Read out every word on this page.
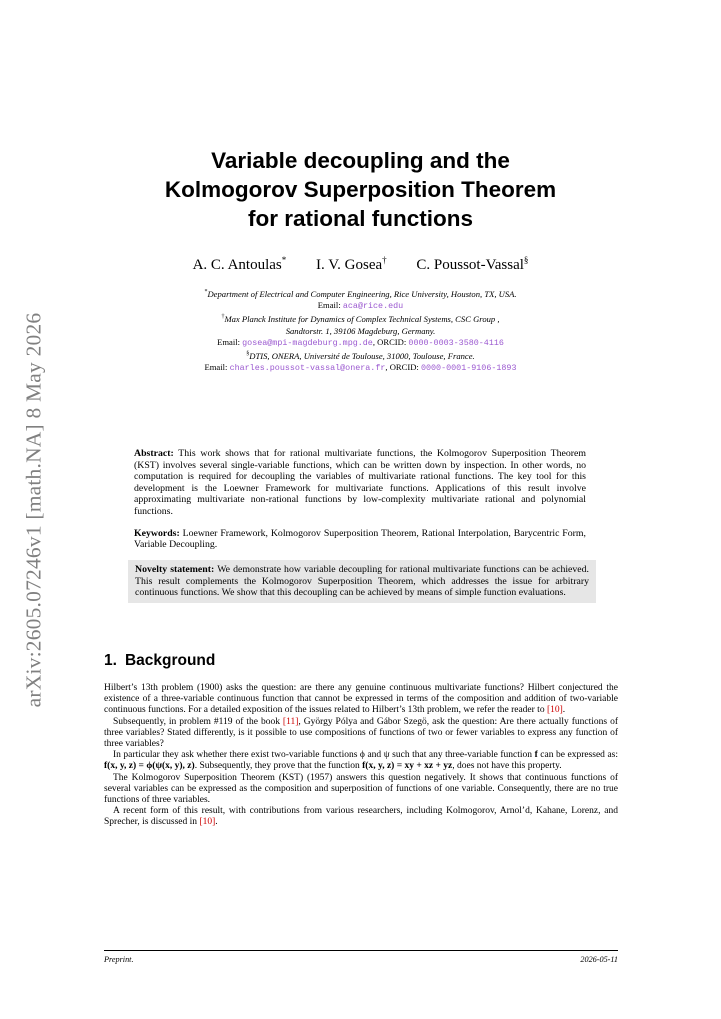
arXiv:2605.07246v1 [math.NA] 8 May 2026
Variable decoupling and the
Kolmogorov Superposition Theorem
for rational functions
A. C. Antoulas* I. V. Gosea† C. Poussot-Vassal§
*Department of Electrical and Computer Engineering, Rice University, Houston, TX, USA.
Email: aca@rice.edu
†Max Planck Institute for Dynamics of Complex Technical Systems, CSC Group ,
Sandtorstr. 1, 39106 Magdeburg, Germany.
Email: gosea@mpi-magdeburg.mpg.de, ORCID: 0000-0003-3580-4116
§DTIS, ONERA, Université de Toulouse, 31000, Toulouse, France.
Email: charles.poussot-vassal@onera.fr, ORCID: 0000-0001-9106-1893

Abstract: This work shows that for rational multivariate functions, the Kolmogorov Superposition Theorem (KST) involves several single-variable functions, which can be written down by inspection. In other words, no computation is required for decoupling the variables of multivariate rational functions. The key tool for this development is the Loewner Framework for multivariate functions. Applications of this result involve approximating multivariate non-rational functions by low-complexity multivariate rational and polynomial functions.

Keywords: Loewner Framework, Kolmogorov Superposition Theorem, Rational Interpolation, Barycentric Form, Variable Decoupling.

Novelty statement: We demonstrate how variable decoupling for rational multivariate functions can be achieved. This result complements the Kolmogorov Superposition Theorem, which addresses the issue for arbitrary continuous functions. We show that this decoupling can be achieved by means of simple function evaluations.
1. Background

Hilbert’s 13th problem (1900) asks the question: are there any genuine continuous multivariate functions? Hilbert conjectured the existence of a three-variable continuous function that cannot be expressed in terms of the composition and addition of two-variable continuous functions. For a detailed exposition of the issues related to Hilbert’s 13th problem, we refer the reader to [10].

Subsequently, in problem #119 of the book [11], György Pólya and Gábor Szegö, ask the question: Are there actually functions of three variables? Stated differently, is it possible to use compositions of functions of two or fewer variables to express any function of three variables?

In particular they ask whether there exist two-variable functions ϕ and ψ such that any three-variable function f can be expressed as: f(x, y, z) = ϕ(ψ(x, y), z). Subsequently, they prove that the function f(x, y, z) = xy + xz + yz, does not have this property.

The Kolmogorov Superposition Theorem (KST) (1957) answers this question negatively. It shows that continuous functions of several variables can be expressed as the composition and superposition of functions of one variable. Consequently, there are no true functions of three variables.

A recent form of this result, with contributions from various researchers, including Kolmogorov, Arnol’d, Kahane, Lorenz, and Sprecher, is discussed in [10].

Preprint.	2026-05-11
